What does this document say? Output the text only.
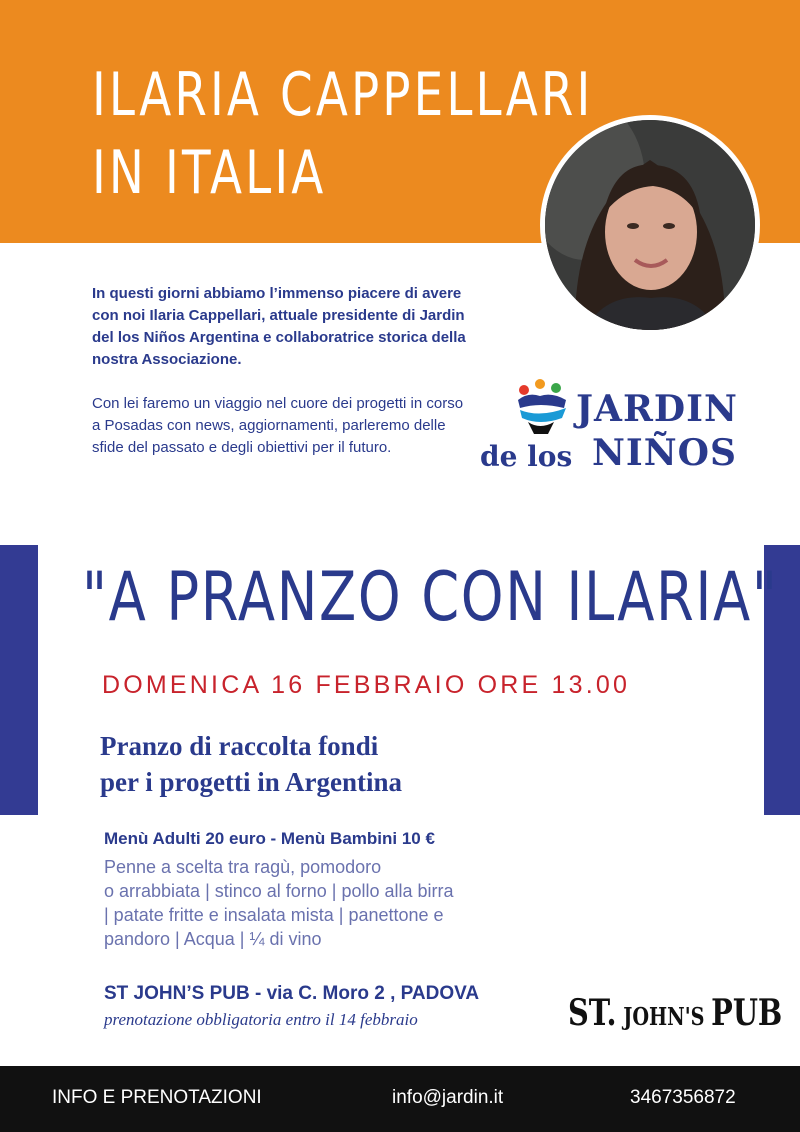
ILARIA CAPPELLARI
IN ITALIA

In questi giorni abbiamo l’immenso piacere di avere con noi Ilaria Cappellari, attuale presidente di Jardin del los Niños Argentina e collaboratrice storica della nostra Associazione.

Con lei faremo un viaggio nel cuore dei progetti in corso a Posadas con news, aggiornamenti, parleremo delle sfide del passato e degli obiettivi per il futuro.

JARDIN
de los NIÑOS
"A PRANZO CON ILARIA"
DOMENICA 16 FEBBRAIO ORE 13.00
Pranzo di raccolta fondi
per i progetti in Argentina
Menù Adulti 20 euro - Menù Bambini 10 €
Penne a scelta tra ragù, pomodoro
o arrabbiata | stinco al forno | pollo alla birra
| patate fritte e insalata mista | panettone e
pandoro | Acqua | ¼ di vino
ST JOHN’S PUB - via C. Moro 2 , PADOVA
prenotazione obbligatoria entro il 14 febbraio	ST. JOHN'S PUB
INFO E PRENOTAZIONI	info@jardin.it	3467356872
